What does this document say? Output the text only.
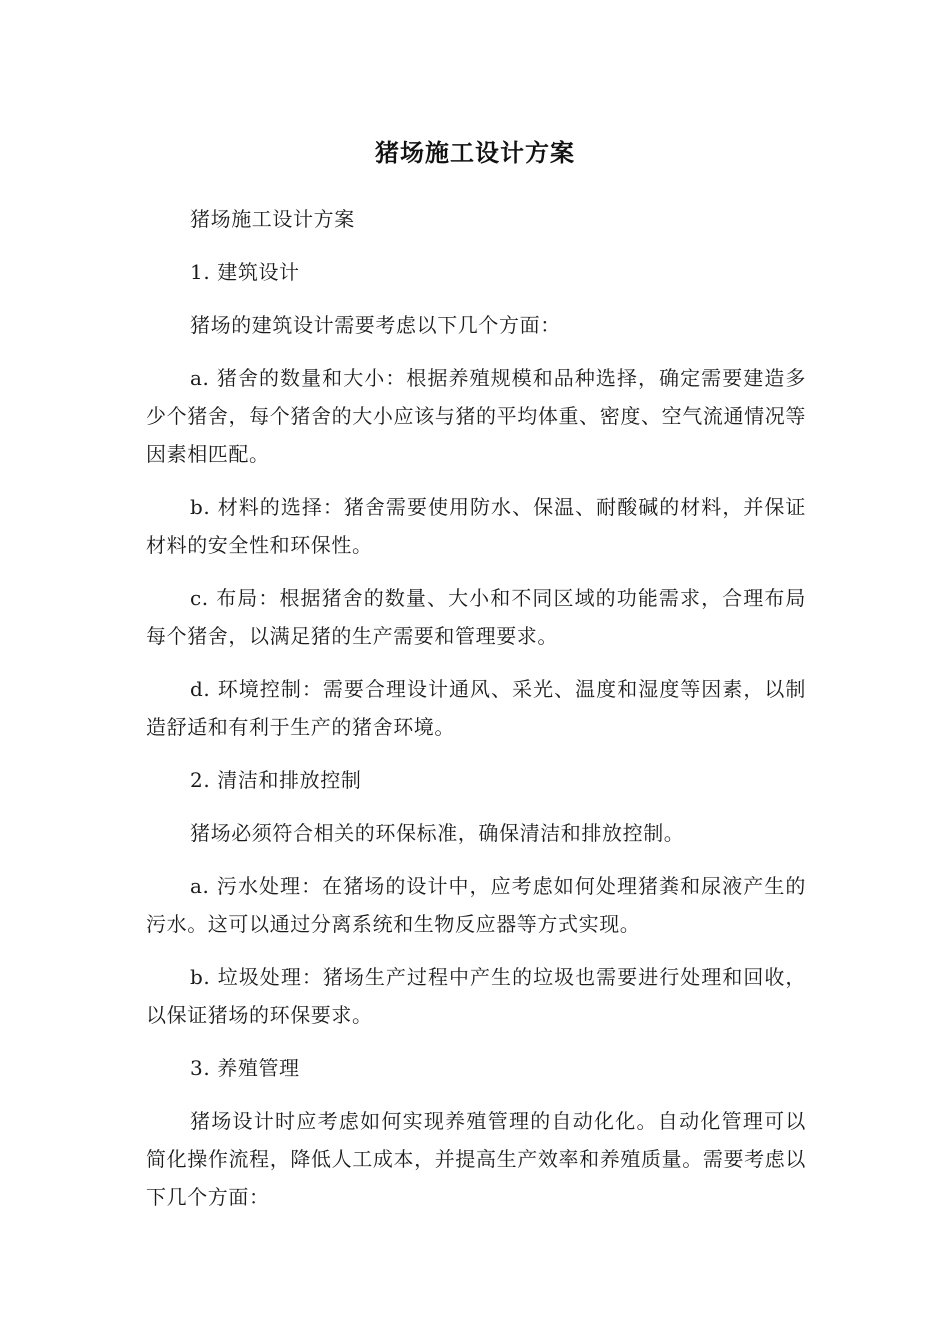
猪场施工设计方案

猪场施工设计方案

1. 建筑设计

猪场的建筑设计需要考虑以下几个方面：

a. 猪舍的数量和大小：根据养殖规模和品种选择，确定需要建造多少个猪舍，每个猪舍的大小应该与猪的平均体重、密度、空气流通情况等因素相匹配。

b. 材料的选择：猪舍需要使用防水、保温、耐酸碱的材料，并保证材料的安全性和环保性。

c. 布局：根据猪舍的数量、大小和不同区域的功能需求，合理布局每个猪舍，以满足猪的生产需要和管理要求。

d. 环境控制：需要合理设计通风、采光、温度和湿度等因素，以制造舒适和有利于生产的猪舍环境。

2. 清洁和排放控制

猪场必须符合相关的环保标准，确保清洁和排放控制。

a. 污水处理：在猪场的设计中，应考虑如何处理猪粪和尿液产生的污水。这可以通过分离系统和生物反应器等方式实现。

b. 垃圾处理：猪场生产过程中产生的垃圾也需要进行处理和回收，以保证猪场的环保要求。

3. 养殖管理

猪场设计时应考虑如何实现养殖管理的自动化化。自动化管理可以简化操作流程，降低人工成本，并提高生产效率和养殖质量。需要考虑以下几个方面：
